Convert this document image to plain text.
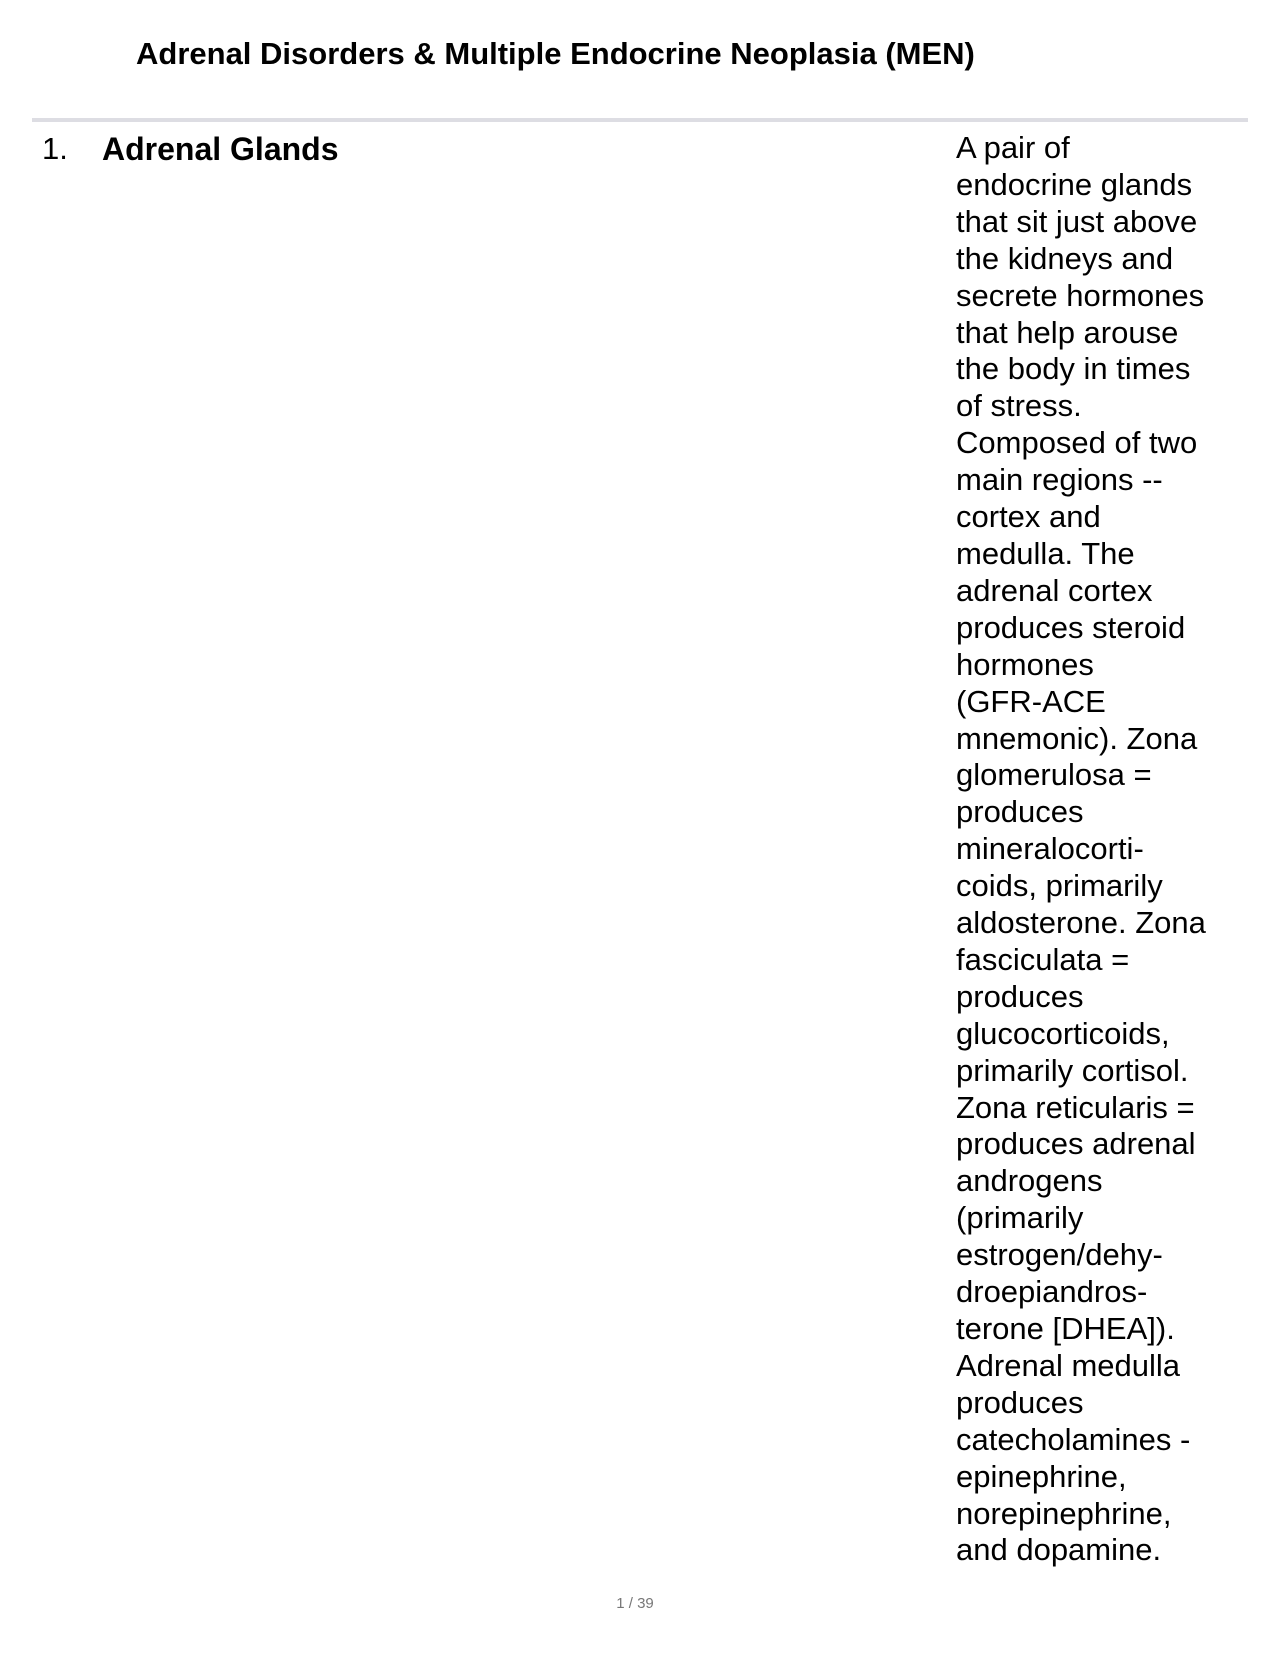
Adrenal Disorders & Multiple Endocrine Neoplasia (MEN)
1. Adrenal Glands	A pair of
endocrine glands
that sit just above
the kidneys and
secrete hormones
that help arouse
the body in times
of stress.
Composed of two
main regions --
cortex and
medulla. The
adrenal cortex
produces steroid
hormones
(GFR-ACE
mnemonic). Zona
glomerulosa =
produces
mineralocorti-
coids, primarily
aldosterone. Zona
fasciculata =
produces
glucocorticoids,
primarily cortisol.
Zona reticularis =
produces adrenal
androgens
(primarily
estrogen/dehy-
droepiandros-
terone [DHEA]).
Adrenal medulla
produces
catecholamines -
epinephrine,
norepinephrine,
and dopamine.

1 / 39
